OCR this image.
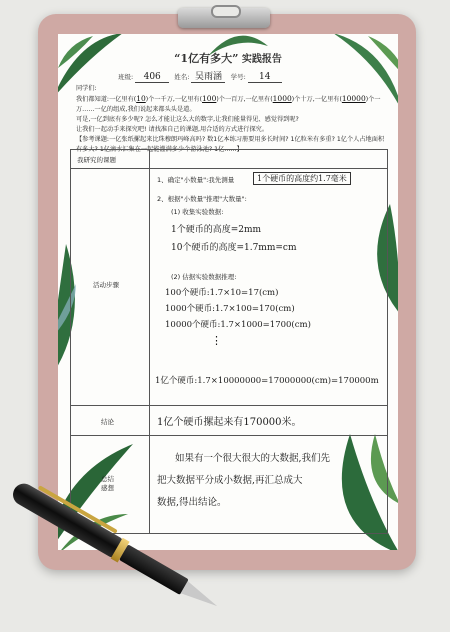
“1亿有多大” 实践报告
班级: 406 姓名: 吴雨涵 学号: 14

同学们:

我们都知道:一亿里有(10)个一千万,一亿里有(100)个一百万,一亿里有(1000)个十万,一亿里有(10000)个一万……一亿的组成,我们说起来都头头是道。

可是,一亿到底有多少呢? 怎么才能让这么大的数字,让我们能量得见、感觉得到呢?

让我们一起动手来探究吧! 请找准自己的课题,用合适的方式进行探究。

【参考课题:一亿张纸摞起来比珠穆朗玛峰高吗? 数1亿本练习册要用多长时间? 1亿粒米有多重? 1亿个人占地面积有多大? 1亿滴水汇集在一起能灌满多少个游泳池? 1亿……】

我研究的课题
活动步骤
结论
总结感想
1、确定"小数量":我先测量	1个硬币的高度约1.7毫米
2、根据"小数量"推理"大数量":
(1) 收集实验数据:
1个硬币的高度=2mm
10个硬币的高度=1.7mm=cm
(2) 估据实验数据推理:
100个硬币:1.7×10=17(cm)
1000个硬币:1.7×100=170(cm)
10000个硬币:1.7×1000=1700(cm)
⋮
1亿个硬币:1.7×10000000=17000000(cm)=170000m
1亿个硬币摞起来有170000米。
如果有一个很大很大的大数据,我们先
把大数据平分成小数据,再汇总成大
数据,得出结论。
